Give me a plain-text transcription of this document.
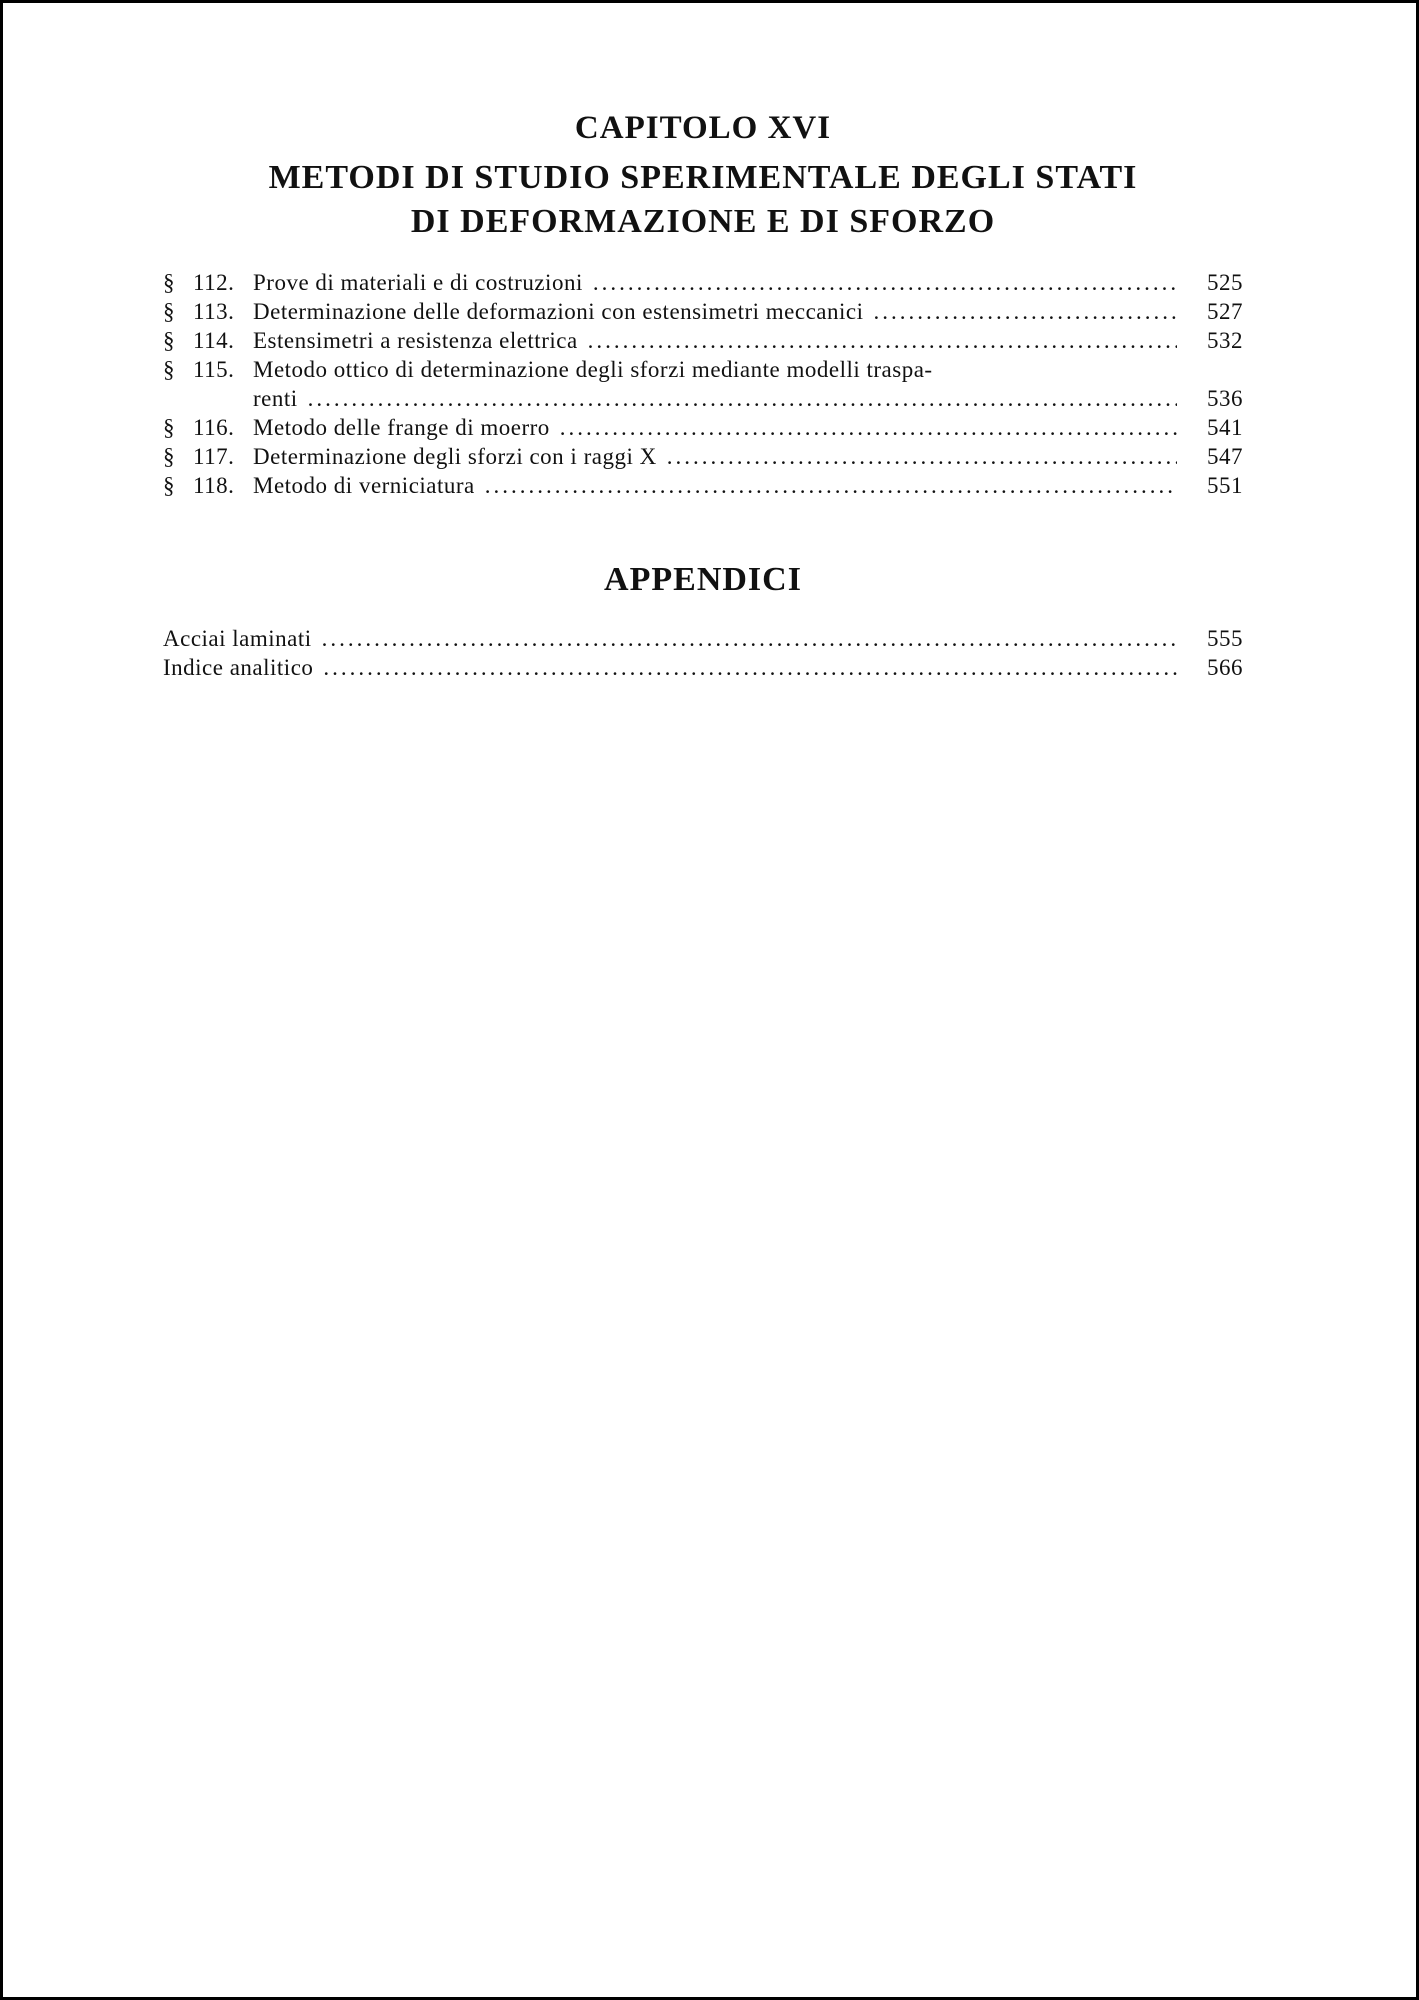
CAPITOLO XVI
METODI DI STUDIO SPERIMENTALE DEGLI STATI
DI DEFORMAZIONE E DI SFORZO
§ 112. Prove di materiali e di costruzioni .....	525
§ 113. Determinazione delle deformazioni con estensimetri meccanici .....	527
§ 114. Estensimetri a resistenza elettrica .....	532
§ 115. Metodo ottico di determinazione degli sforzi mediante modelli traspa-
renti .....	536
§ 116. Metodo delle frange di moerro .....	541
§ 117. Determinazione degli sforzi con i raggi X .....	547
§ 118. Metodo di verniciatura .....	551
APPENDICI
Acciai laminati .....	555
Indice analitico .....	566
